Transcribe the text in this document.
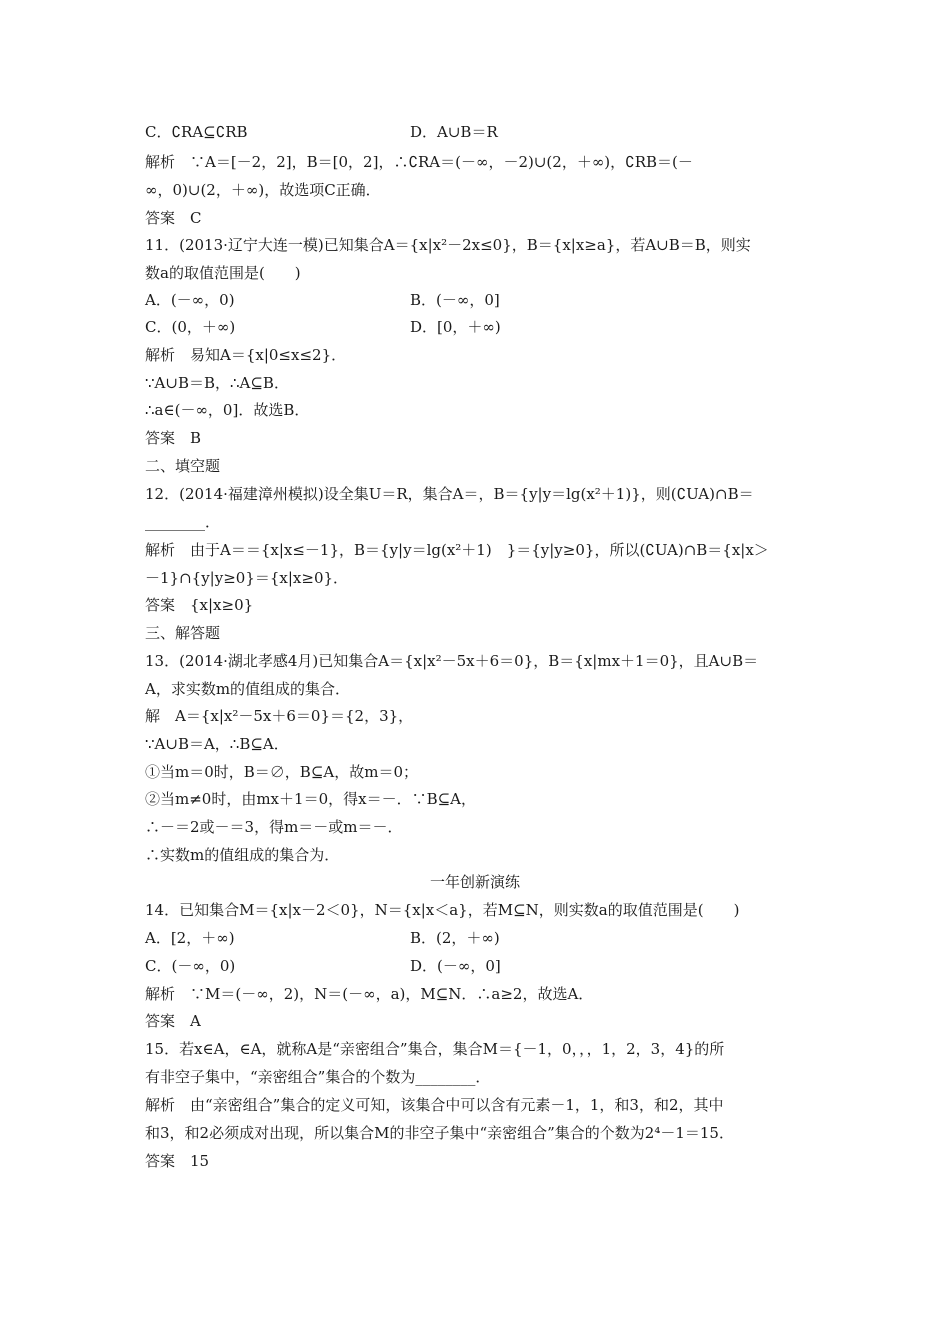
C．∁RA⊆∁RB
解析　∵A＝[－2，2]，B＝[0，2]，∴∁RA＝(－∞，－2)∪(2，＋∞)，∁RB＝(－
∞，0)∪(2，＋∞)，故选项C正确．
答案　C
11．(2013·辽宁大连一模)已知集合A＝{x|x²－2x≤0}，B＝{x|x≥a}，若A∪B＝B，则实
数a的取值范围是(　　)
A．(－∞，0)
C．(0，＋∞)
解析　易知A＝{x|0≤x≤2}．
∵A∪B＝B，∴A⊆B．
∴a∈(－∞，0]．故选B．
答案　B
二、填空题
12．(2014·福建漳州模拟)设全集U＝R，集合A＝，B＝{y|y＝lg(x²＋1)}，则(∁UA)∩B＝
________．
解析　由于A＝＝{x|x≤－1}，B＝{y|y＝lg(x²＋1)　}＝{y|y≥0}，所以(∁UA)∩B＝{x|x＞
－1}∩{y|y≥0}＝{x|x≥0}．
答案　{x|x≥0}
三、解答题
13．(2014·湖北孝感4月)已知集合A＝{x|x²－5x＋6＝0}，B＝{x|mx＋1＝0}，且A∪B＝
A，求实数m的值组成的集合．
解　A＝{x|x²－5x＋6＝0}＝{2，3}，
∵A∪B＝A，∴B⊆A．
①当m＝0时，B＝∅，B⊆A，故m＝0；
②当m≠0时，由mx＋1＝0，得x＝－．∵B⊆A，
∴－＝2或－＝3，得m＝－或m＝－．
∴实数m的值组成的集合为．
14．已知集合M＝{x|x－2＜0}，N＝{x|x＜a}，若M⊆N，则实数a的取值范围是(　　)
A．[2，＋∞)
C．(－∞，0)
解析　∵M＝(－∞，2)，N＝(－∞，a)，M⊆N．∴a≥2，故选A．
答案　A
15．若x∈A，∈A，就称A是“亲密组合”集合，集合M＝{－1，0，，，1，2，3，4}的所
有非空子集中，“亲密组合”集合的个数为________．
解析　由“亲密组合”集合的定义可知，该集合中可以含有元素－1，1，和3，和2，其中
和3，和2必须成对出现，所以集合M的非空子集中“亲密组合”集合的个数为2⁴－1＝15．
答案　15
D．A∪B＝R
B．(－∞，0]
D．[0，＋∞)
B．(2，＋∞)
D．(－∞，0]
一年创新演练
